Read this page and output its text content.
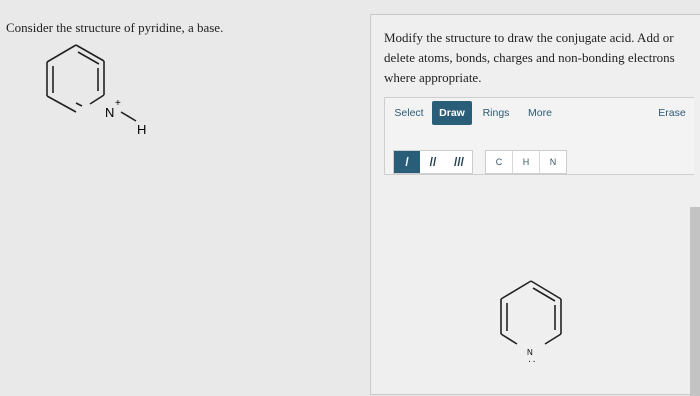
Consider the structure of pyridine, a base.
N
+
H
Modify the structure to draw the conjugate acid. Add or delete atoms, bonds, charges and non-bonding electrons where appropriate.
Select	Draw	Rings	More	Erase
/	//	///	C	H	N
N
:
